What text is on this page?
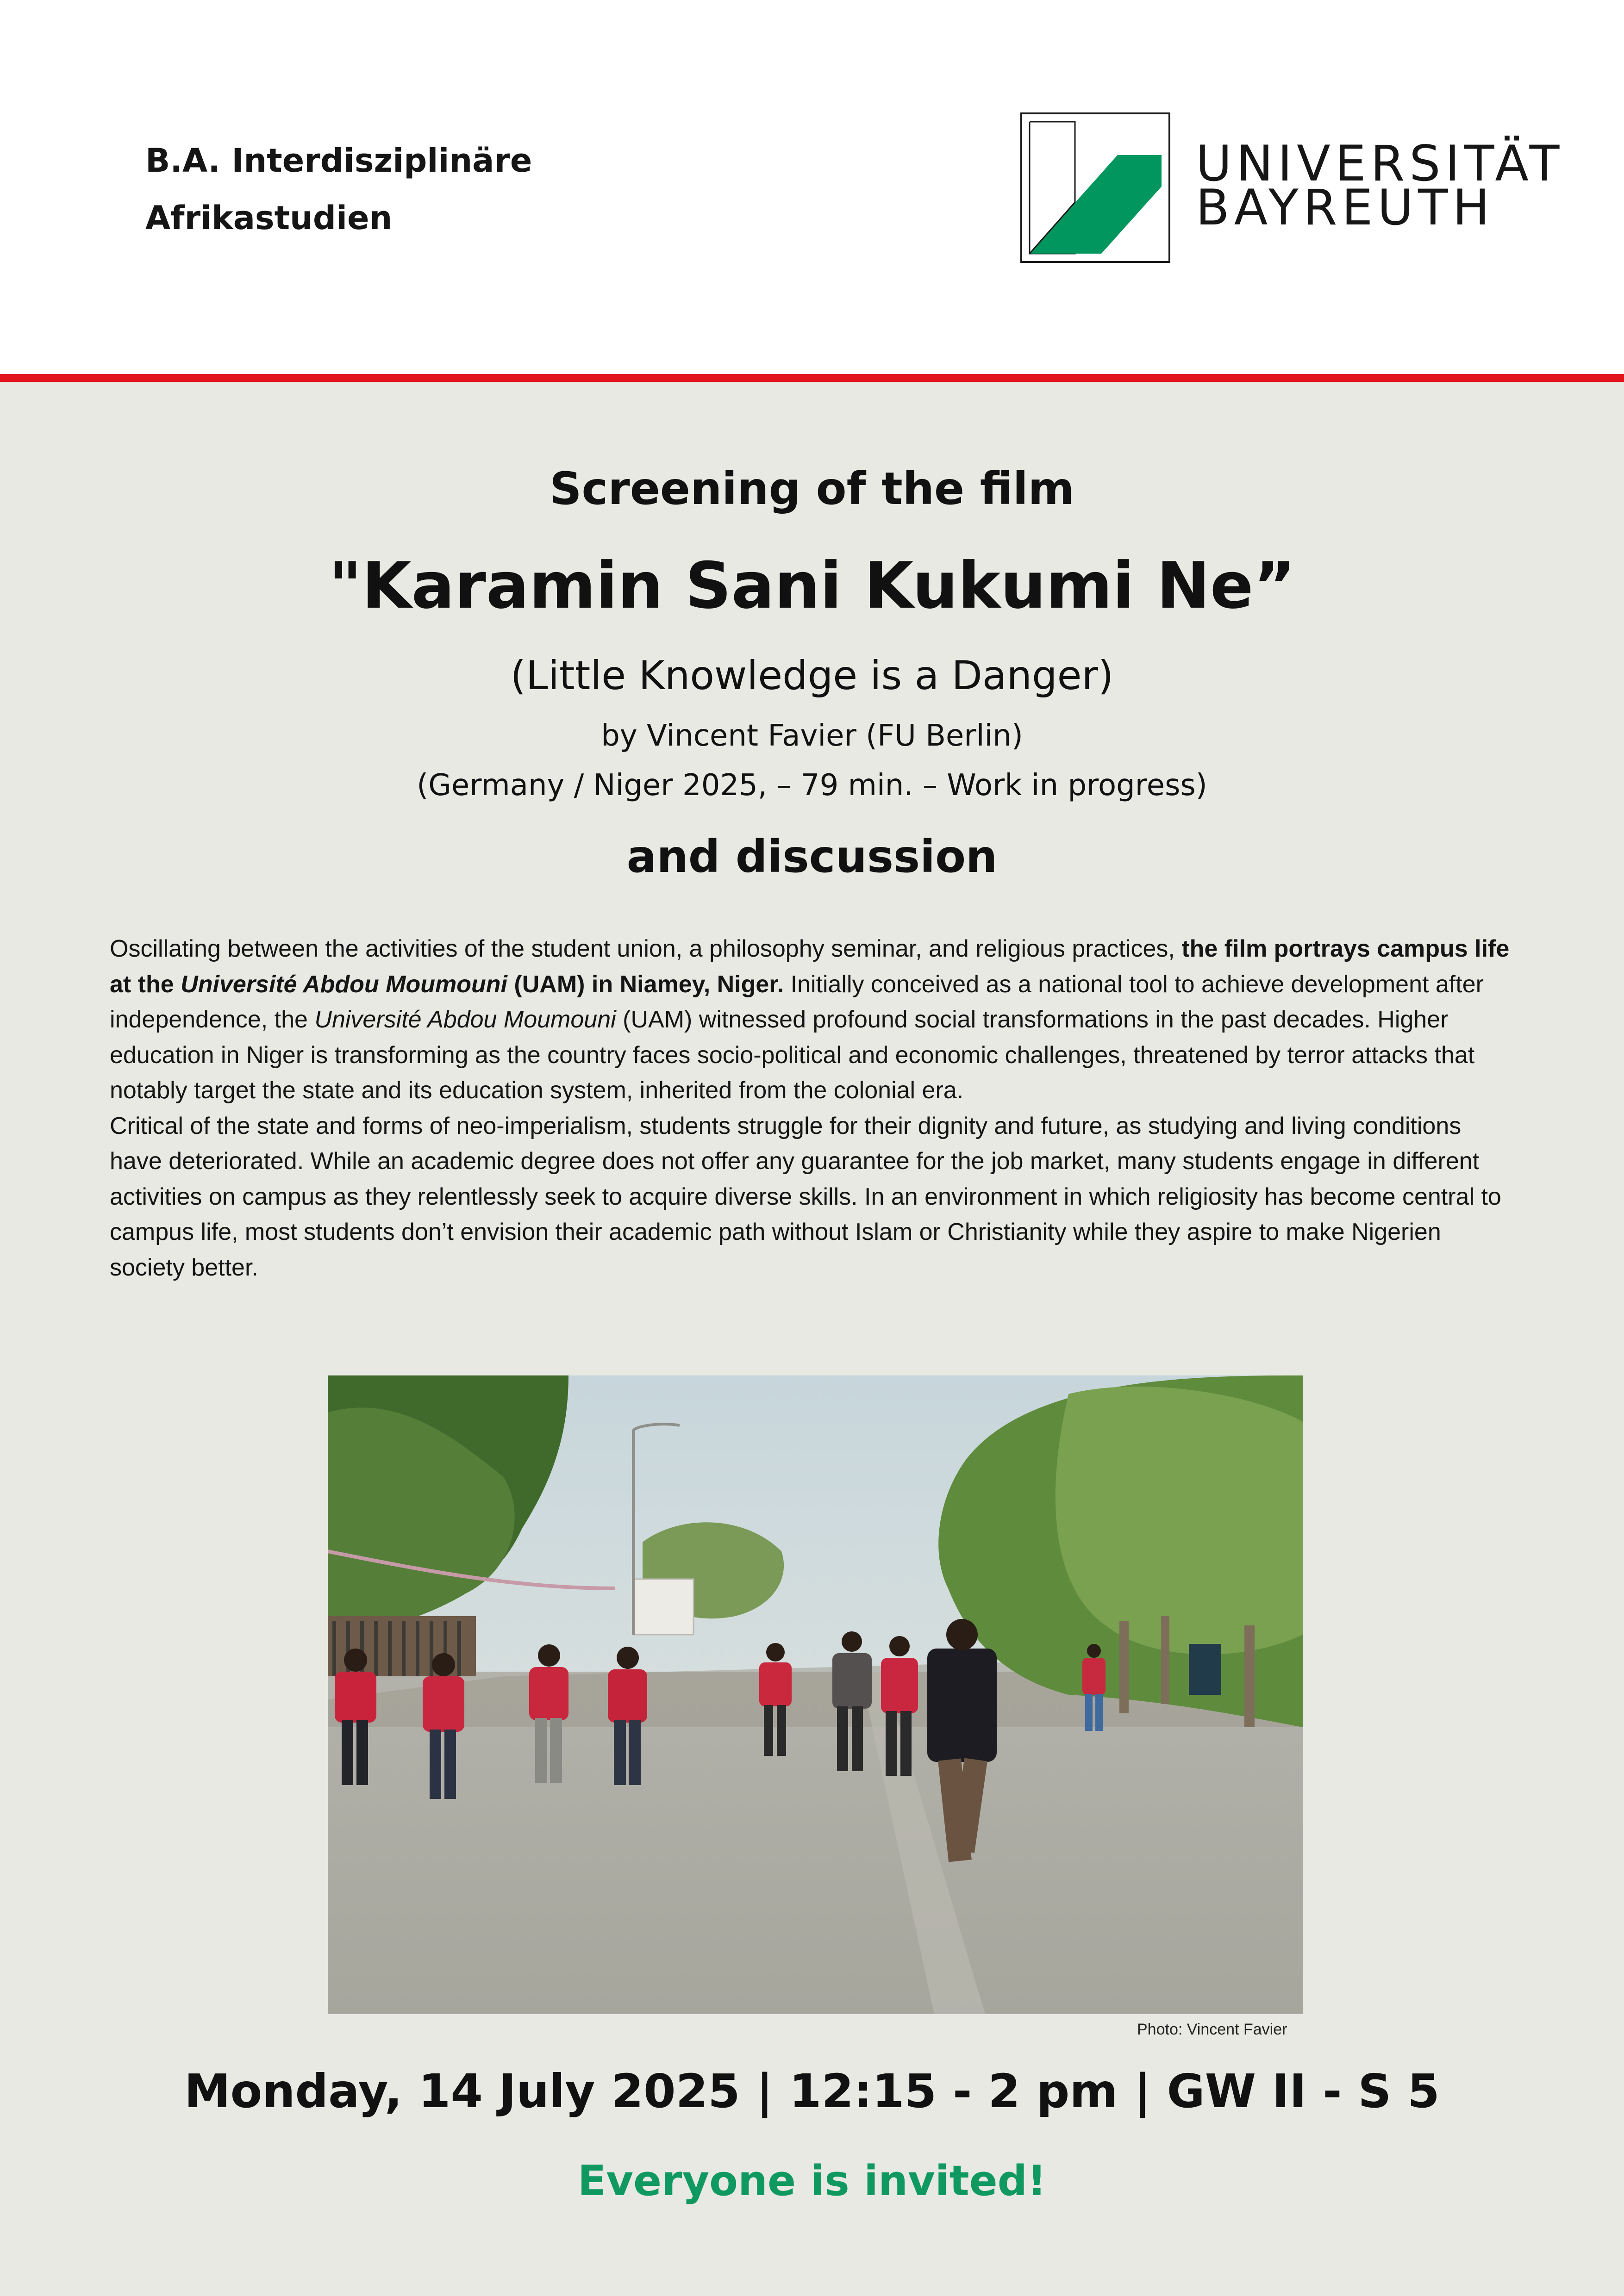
B.A. Interdisziplinäre
Afrikastudien
UNIVERSITÄT
BAYREUTH
Screening of the film
"Karamin Sani Kukumi Ne”
(Little Knowledge is a Danger)
by Vincent Favier (FU Berlin)
(Germany / Niger 2025, – 79 min. – Work in progress)
and discussion

Oscillating between the activities of the student union, a philosophy seminar, and religious practices, the film portrays campus life at the Université Abdou Moumouni (UAM) in Niamey, Niger. Initially conceived as a national tool to achieve development after independence, the Université Abdou Moumouni (UAM) witnessed profound social transformations in the past decades. Higher education in Niger is transforming as the country faces socio-political and economic challenges, threatened by terror attacks that notably target the state and its education system, inherited from the colonial era.

Critical of the state and forms of neo-imperialism, students struggle for their dignity and future, as studying and living conditions have deteriorated. While an academic degree does not offer any guarantee for the job market, many students engage in different activities on campus as they relentlessly seek to acquire diverse skills. In an environment in which religiosity has become central to campus life, most students don’t envision their academic path without Islam or Christianity while they aspire to make Nigerien society better.

Photo: Vincent Favier
Monday, 14 July 2025 | 12:15 - 2 pm | GW II - S 5
Everyone is invited!
